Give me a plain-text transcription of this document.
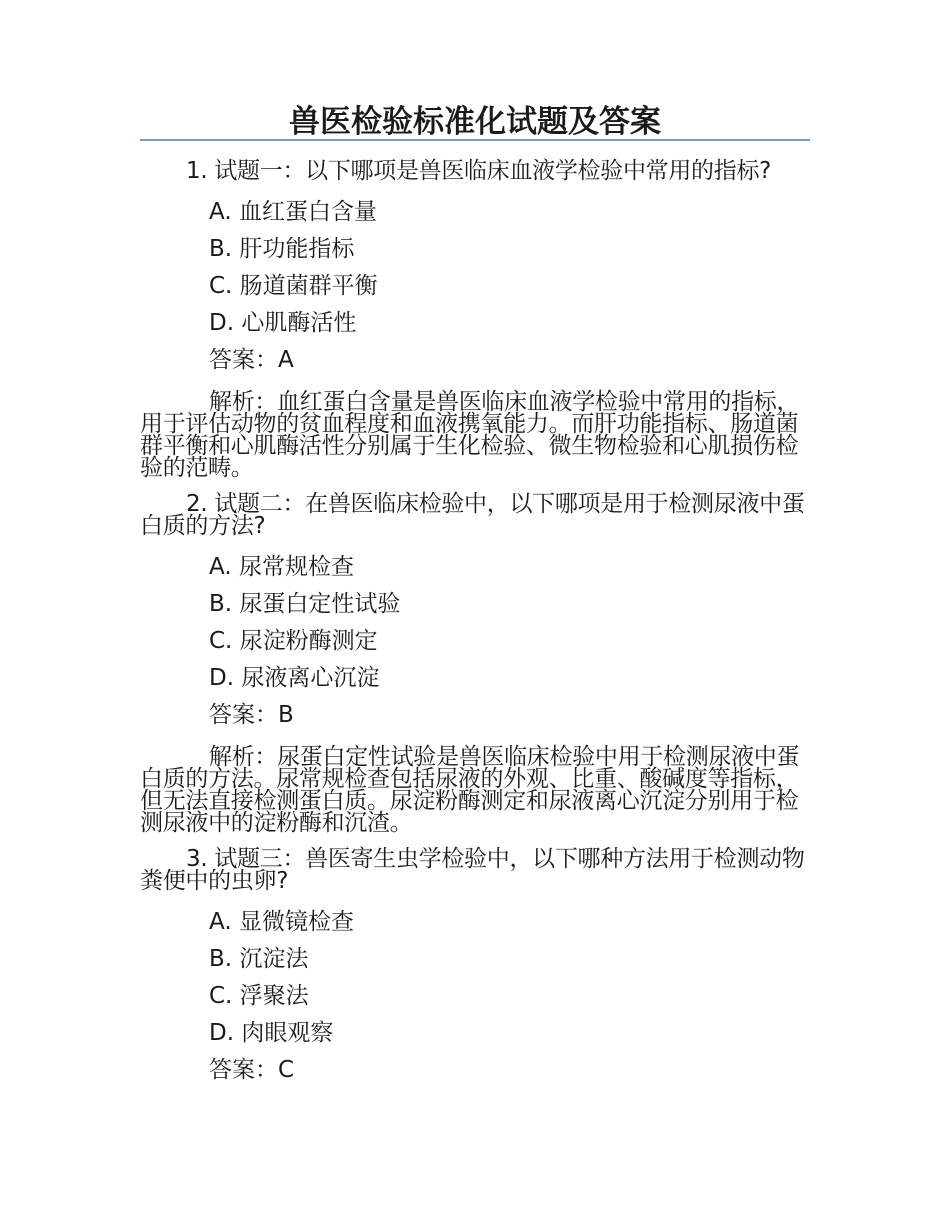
兽医检验标准化试题及答案

1. 试题一：以下哪项是兽医临床血液学检验中常用的指标?

A. 血红蛋白含量

B. 肝功能指标

C. 肠道菌群平衡

D. 心肌酶活性

答案：A

解析：血红蛋白含量是兽医临床血液学检验中常用的指标，用于评估动物的贫血程度和血液携氧能力。而肝功能指标、肠道菌群平衡和心肌酶活性分别属于生化检验、微生物检验和心肌损伤检验的范畴。

2. 试题二：在兽医临床检验中，以下哪项是用于检测尿液中蛋白质的方法?

A. 尿常规检查

B. 尿蛋白定性试验

C. 尿淀粉酶测定

D. 尿液离心沉淀

答案：B

解析：尿蛋白定性试验是兽医临床检验中用于检测尿液中蛋白质的方法。尿常规检查包括尿液的外观、比重、酸碱度等指标，但无法直接检测蛋白质。尿淀粉酶测定和尿液离心沉淀分别用于检测尿液中的淀粉酶和沉渣。

3. 试题三：兽医寄生虫学检验中，以下哪种方法用于检测动物粪便中的虫卵?

A. 显微镜检查

B. 沉淀法

C. 浮聚法

D. 肉眼观察

答案：C
